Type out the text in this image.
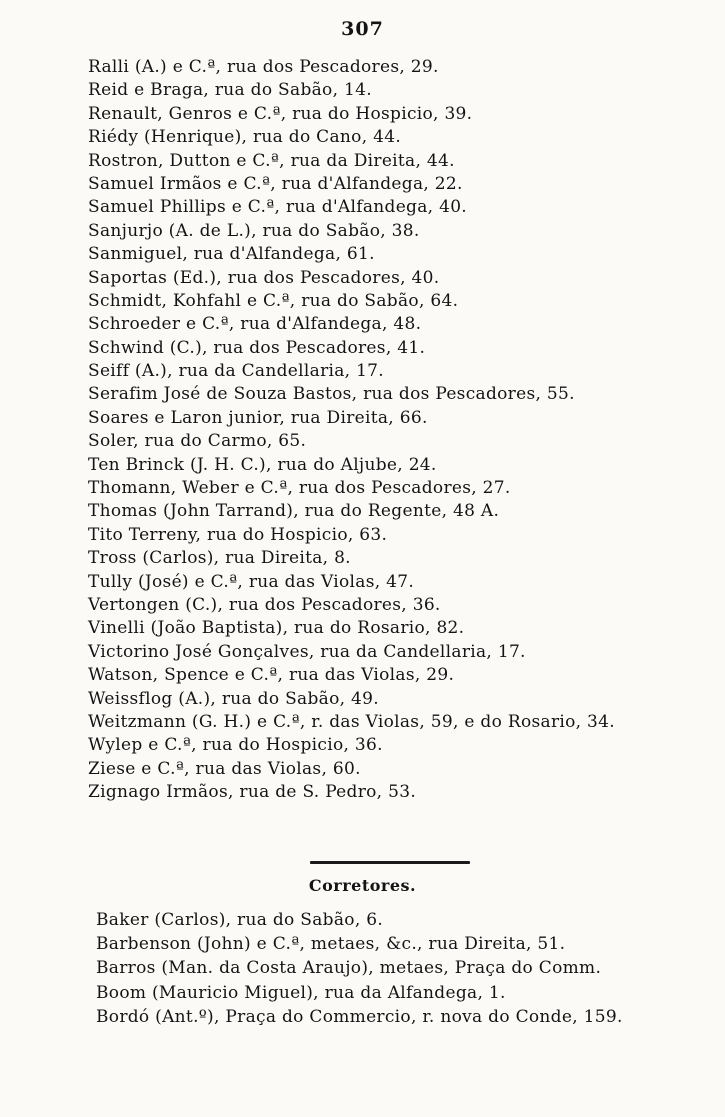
307
Ralli (A.) e C.ª, rua dos Pescadores, 29.
Reid e Braga, rua do Sabão, 14.
Renault, Genros e C.ª, rua do Hospicio, 39.
Riédy (Henrique), rua do Cano, 44.
Rostron, Dutton e C.ª, rua da Direita, 44.
Samuel Irmãos e C.ª, rua d'Alfandega, 22.
Samuel Phillips e C.ª, rua d'Alfandega, 40.
Sanjurjo (A. de L.), rua do Sabão, 38.
Sanmiguel, rua d'Alfandega, 61.
Saportas (Ed.), rua dos Pescadores, 40.
Schmidt, Kohfahl e C.ª, rua do Sabão, 64.
Schroeder e C.ª, rua d'Alfandega, 48.
Schwind (C.), rua dos Pescadores, 41.
Seiff (A.), rua da Candellaria, 17.
Serafim José de Souza Bastos, rua dos Pescadores, 55.
Soares e Laron junior, rua Direita, 66.
Soler, rua do Carmo, 65.
Ten Brinck (J. H. C.), rua do Aljube, 24.
Thomann, Weber e C.ª, rua dos Pescadores, 27.
Thomas (John Tarrand), rua do Regente, 48 A.
Tito Terreny, rua do Hospicio, 63.
Tross (Carlos), rua Direita, 8.
Tully (José) e C.ª, rua das Violas, 47.
Vertongen (C.), rua dos Pescadores, 36.
Vinelli (João Baptista), rua do Rosario, 82.
Victorino José Gonçalves, rua da Candellaria, 17.
Watson, Spence e C.ª, rua das Violas, 29.
Weissflog (A.), rua do Sabão, 49.
Weitzmann (G. H.) e C.ª, r. das Violas, 59, e do Rosario, 34.
Wylep e C.ª, rua do Hospicio, 36.
Ziese e C.ª, rua das Violas, 60.
Zignago Irmãos, rua de S. Pedro, 53.
Corretores.
Baker (Carlos), rua do Sabão, 6.
Barbenson (John) e C.ª, metaes, &c., rua Direita, 51.
Barros (Man. da Costa Araujo), metaes, Praça do Comm.
Boom (Mauricio Miguel), rua da Alfandega, 1.
Bordó (Ant.º), Praça do Commercio, r. nova do Conde, 159.
